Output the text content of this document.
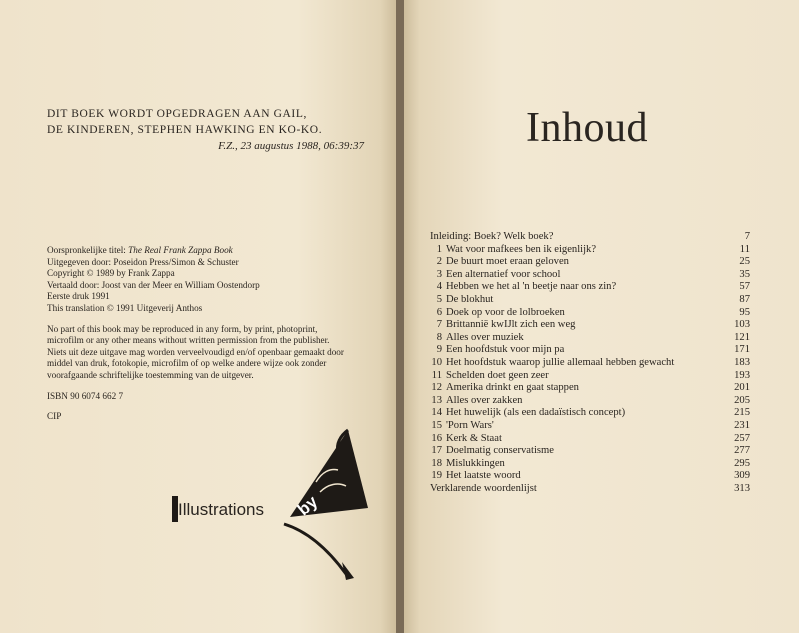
DIT BOEK WORDT OPGEDRAGEN AAN GAIL,
DE KINDEREN, STEPHEN HAWKING EN KO-KO.
F.Z., 23 augustus 1988, 06:39:37
Oorspronkelijke titel: The Real Frank Zappa Book
Uitgegeven door: Poseidon Press/Simon & Schuster
Copyright © 1989 by Frank Zappa
Vertaald door: Joost van der Meer en William Oostendorp
Eerste druk 1991
This translation © 1991 Uitgeverij Anthos
No part of this book may be reproduced in any form, by print, photoprint,
microfilm or any other means without written permission from the publisher.
Niets uit deze uitgave mag worden verveelvoudigd en/of openbaar gemaakt door
middel van druk, fotokopie, microfilm of op welke andere wijze ook zonder
voorafgaande schriftelijke toestemming van de uitgever.
ISBN 90 6074 662 7
CIP
Illustrations by
Inhoud
Inleiding: Boek? Welk boek?	7
1 Wat voor mafkees ben ik eigenlijk?	11
2 De buurt moet eraan geloven	25
3 Een alternatief voor school	35
4 Hebben we het al 'n beetje naar ons zin?	57
5 De blokhut	87
6 Doek op voor de lolbroeken	95
7 Brittannië kwIJlt zich een weg	103
8 Alles over muziek	121
9 Een hoofdstuk voor mijn pa	171
10 Het hoofdstuk waarop jullie allemaal hebben gewacht	183
11 Schelden doet geen zeer	193
12 Amerika drinkt en gaat stappen	201
13 Alles over zakken	205
14 Het huwelijk (als een dadaïstisch concept)	215
15 'Porn Wars'	231
16 Kerk & Staat	257
17 Doelmatig conservatisme	277
18 Mislukkingen	295
19 Het laatste woord	309
Verklarende woordenlijst	313
